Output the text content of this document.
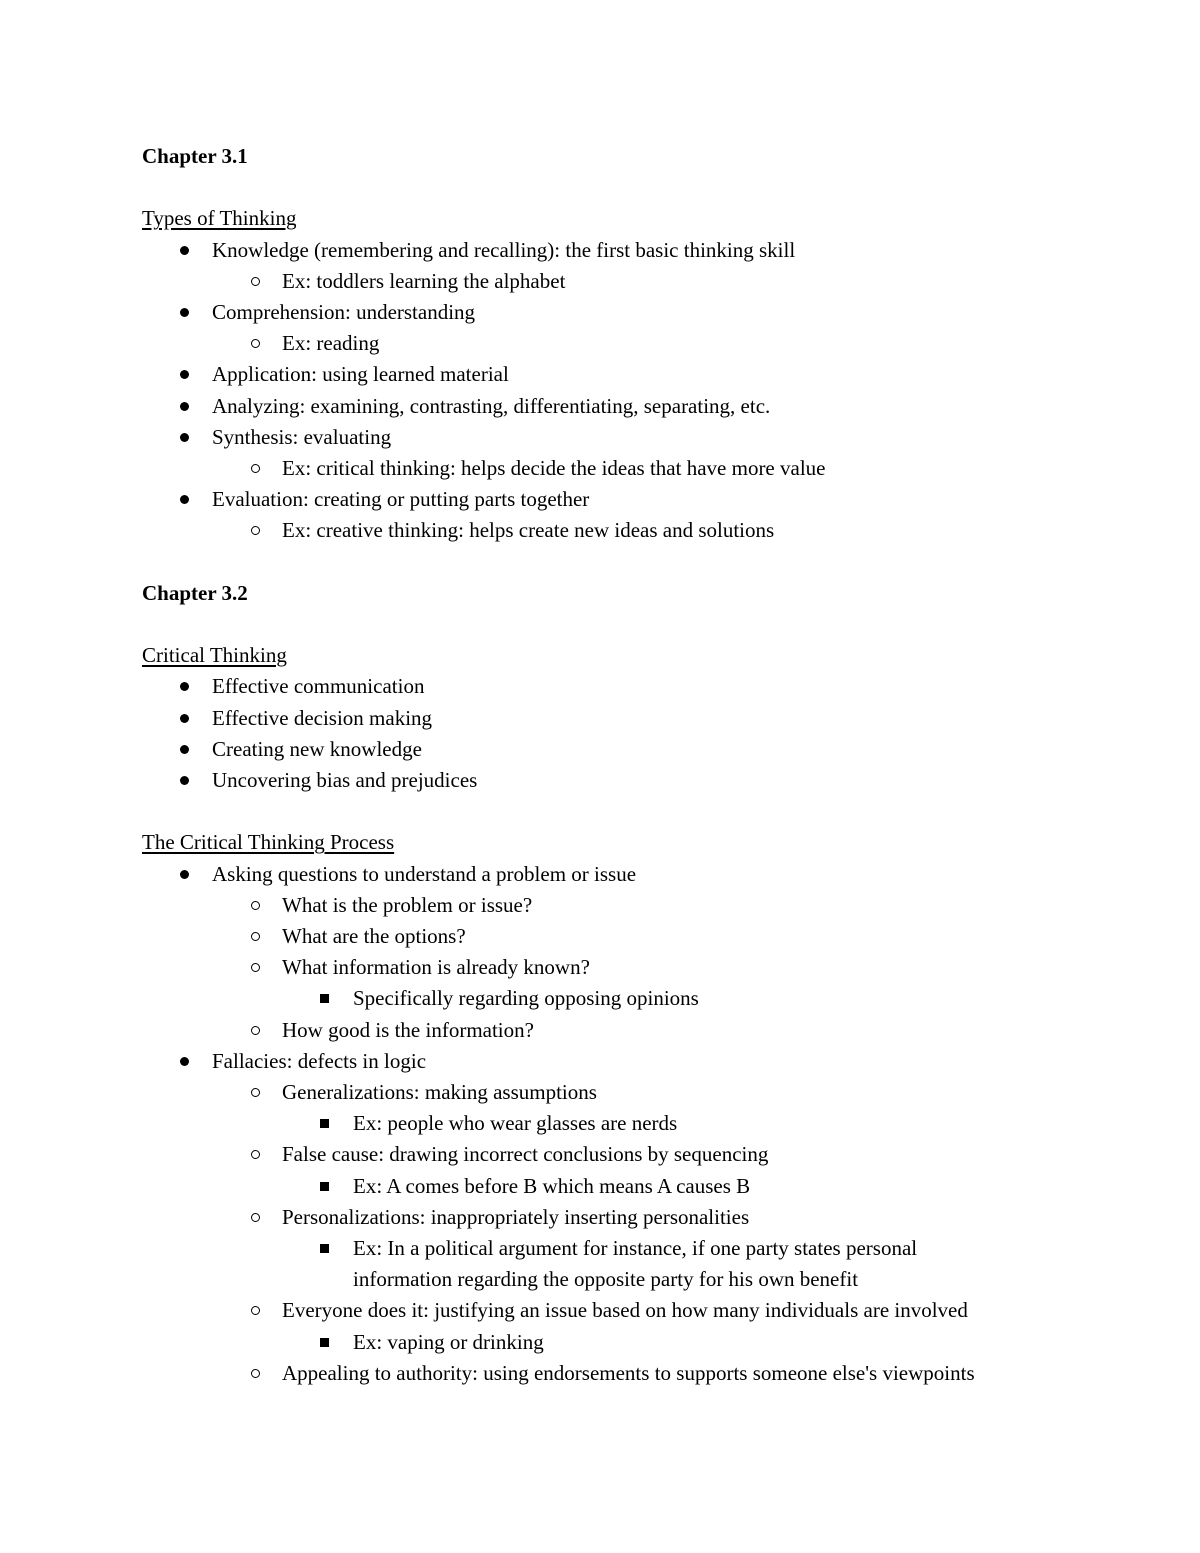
Chapter 3.1
Types of Thinking
Knowledge (remembering and recalling): the first basic thinking skill
Ex: toddlers learning the alphabet
Comprehension: understanding
Ex: reading
Application: using learned material
Analyzing: examining, contrasting, differentiating, separating, etc.
Synthesis: evaluating
Ex: critical thinking: helps decide the ideas that have more value
Evaluation: creating or putting parts together
Ex: creative thinking: helps create new ideas and solutions
Chapter 3.2
Critical Thinking
Effective communication
Effective decision making
Creating new knowledge
Uncovering bias and prejudices
The Critical Thinking Process
Asking questions to understand a problem or issue
What is the problem or issue?
What are the options?
What information is already known?
Specifically regarding opposing opinions
How good is the information?
Fallacies: defects in logic
Generalizations: making assumptions
Ex: people who wear glasses are nerds
False cause: drawing incorrect conclusions by sequencing
Ex: A comes before B which means A causes B
Personalizations: inappropriately inserting personalities
Ex: In a political argument for instance, if one party states personal information regarding the opposite party for his own benefit
Everyone does it: justifying an issue based on how many individuals are involved
Ex: vaping or drinking
Appealing to authority: using endorsements to supports someone else's viewpoints
